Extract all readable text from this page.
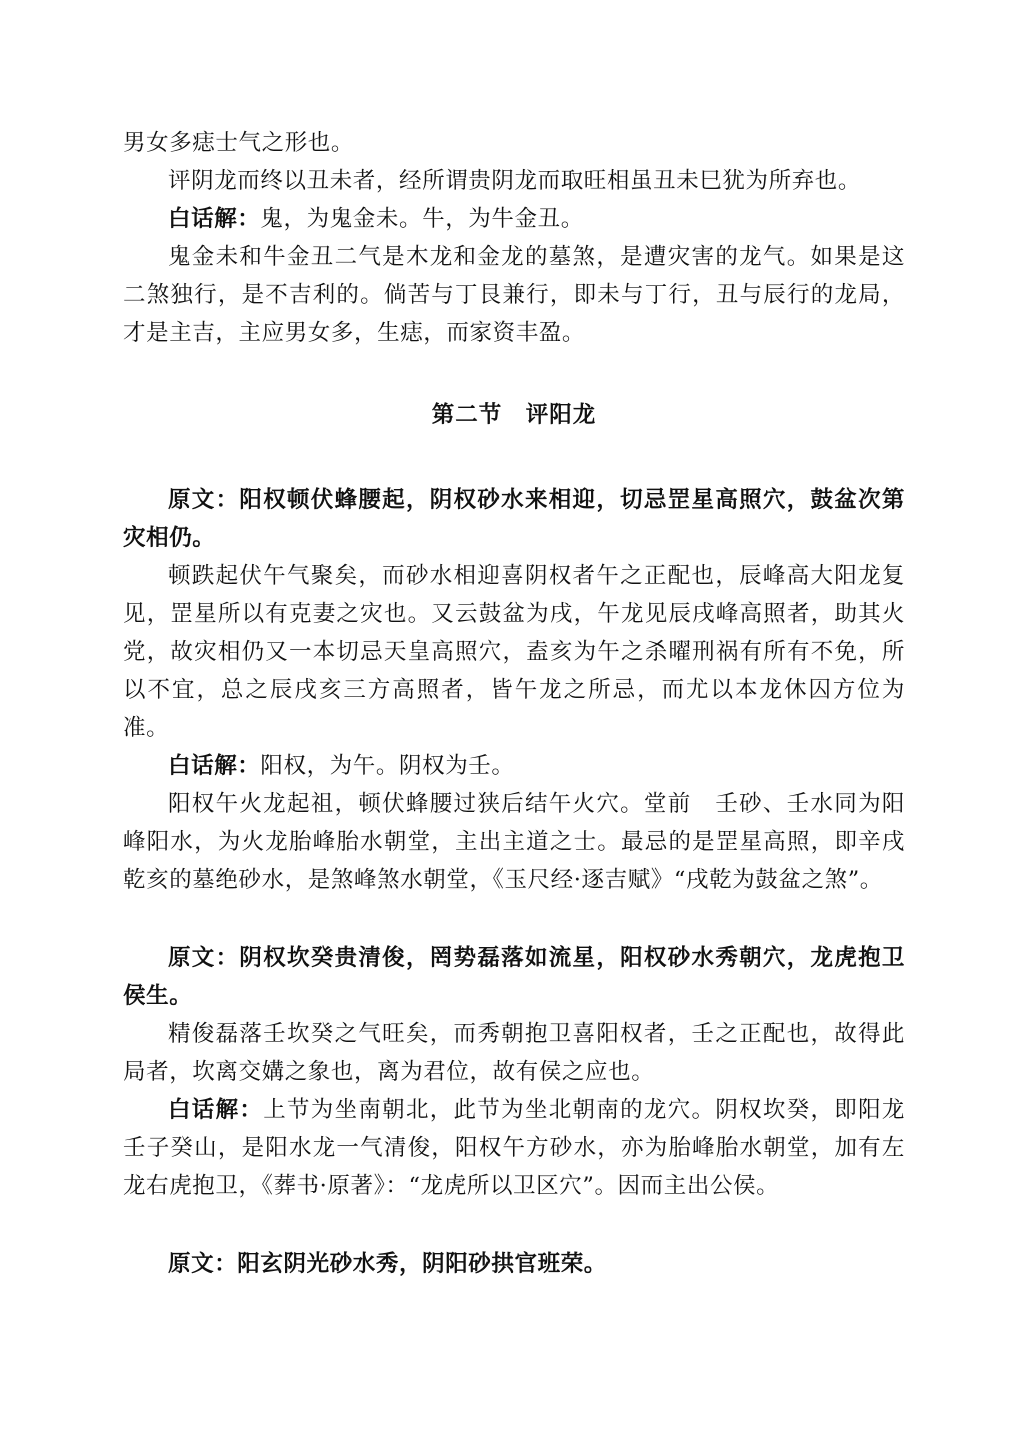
男女多痣士气之形也。

评阴龙而终以丑未者，经所谓贵阴龙而取旺相虽丑未巳犹为所弃也。

白话解：鬼，为鬼金未。牛，为牛金丑。

鬼金未和牛金丑二气是木龙和金龙的墓煞，是遭灾害的龙气。如果是这二煞独行，是不吉利的。倘苦与丁艮兼行，即未与丁行，丑与辰行的龙局，才是主吉，主应男女多，生痣，而家资丰盈。

第二节　评阳龙

原文：阳权顿伏蜂腰起，阴权砂水来相迎，切忌罡星高照穴，鼓盆次第灾相仍。

顿跌起伏午气聚矣，而砂水相迎喜阴权者午之正配也，辰峰高大阳龙复见，罡星所以有克妻之灾也。又云鼓盆为戌，午龙见辰戌峰高照者，助其火党，故灾相仍又一本切忌天皇高照穴，盍亥为午之杀曜刑祸有所有不免，所以不宜，总之辰戌亥三方高照者，皆午龙之所忌，而尤以本龙休囚方位为准。

白话解：阳权，为午。阴权为壬。

阳权午火龙起祖，顿伏蜂腰过狭后结午火穴。堂前　壬砂、壬水同为阳峰阳水，为火龙胎峰胎水朝堂，主出主道之士。最忌的是罡星高照，即辛戌乾亥的墓绝砂水，是煞峰煞水朝堂，《玉尺经·逐吉赋》“戌乾为鼓盆之煞”。

原文：阴权坎癸贵清俊，罔势磊落如流星，阳权砂水秀朝穴，龙虎抱卫侯生。

精俊磊落壬坎癸之气旺矣，而秀朝抱卫喜阳权者，壬之正配也，故得此局者，坎离交媾之象也，离为君位，故有侯之应也。

白话解：上节为坐南朝北，此节为坐北朝南的龙穴。阴权坎癸，即阳龙壬子癸山，是阳水龙一气清俊，阳权午方砂水，亦为胎峰胎水朝堂，加有左龙右虎抱卫，《葬书·原著》：“龙虎所以卫区穴”。因而主出公侯。

原文：阳玄阴光砂水秀，阴阳砂拱官班荣。
